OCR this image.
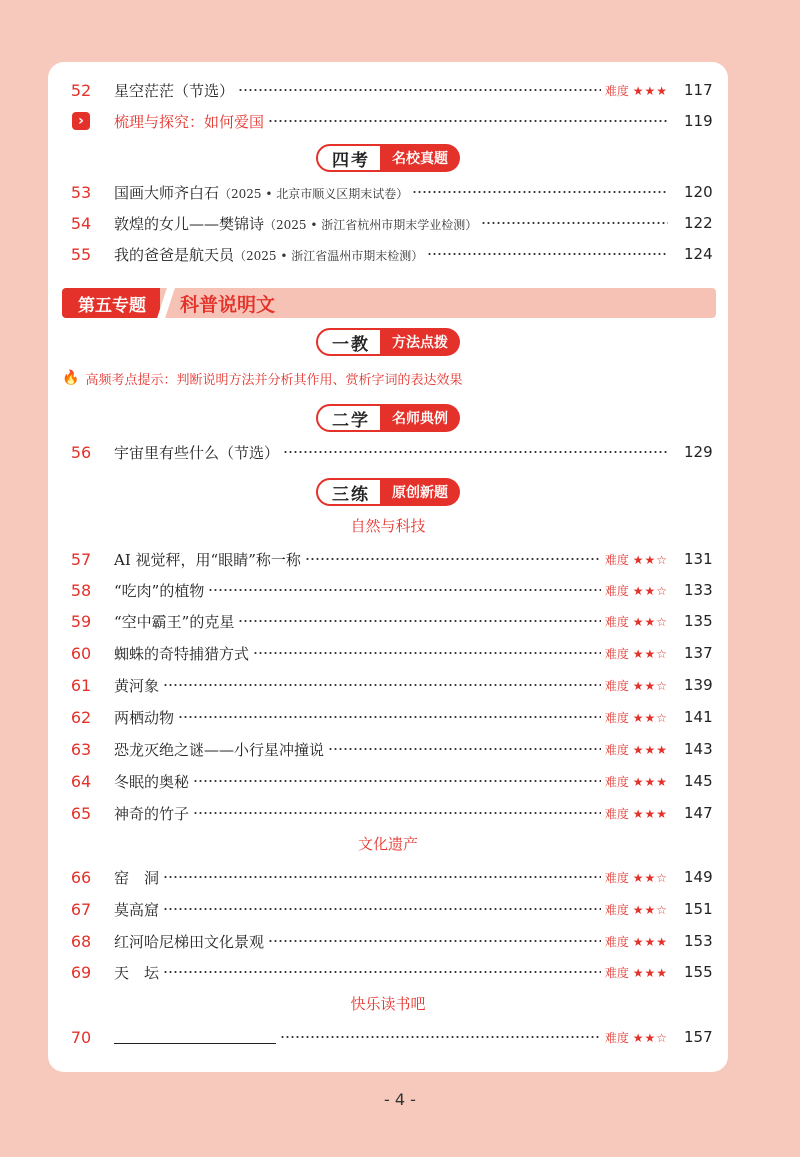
52	星空茫茫（节选）	难度 ★★★ 117
›	梳理与探究：如何爱国	119
四考	名校真题
53	国画大师齐白石（2025 • 北京市顺义区期末试卷）	120
54	敦煌的女儿——樊锦诗（2025 • 浙江省杭州市期末学业检测）	122
55	我的爸爸是航天员（2025 • 浙江省温州市期末检测）	124
第五专题	科普说明文
一教	方法点拨
🔥 高频考点提示： 判断说明方法并分析其作用、赏析字词的表达效果
二学	名师典例
56	宇宙里有些什么（节选）	129
三练	原创新题
自然与科技
57	AI 视觉秤，用“眼睛”称一称	难度 ★★☆ 131
58	“吃肉”的植物	难度 ★★☆ 133
59	“空中霸王”的克星	难度 ★★☆ 135
60	蜘蛛的奇特捕猎方式	难度 ★★☆ 137
61	黄河象	难度 ★★☆ 139
62	两栖动物	难度 ★★☆ 141
63	恐龙灭绝之谜——小行星冲撞说	难度 ★★★ 143
64	冬眠的奥秘	难度 ★★★ 145
65	神奇的竹子	难度 ★★★ 147
文化遗产
66	窑　洞	难度 ★★☆ 149
67	莫高窟	难度 ★★☆ 151
68	红河哈尼梯田文化景观	难度 ★★★ 153
69	天　坛	难度 ★★★ 155
快乐读书吧
70	难度 ★★☆ 157
- 4 -
